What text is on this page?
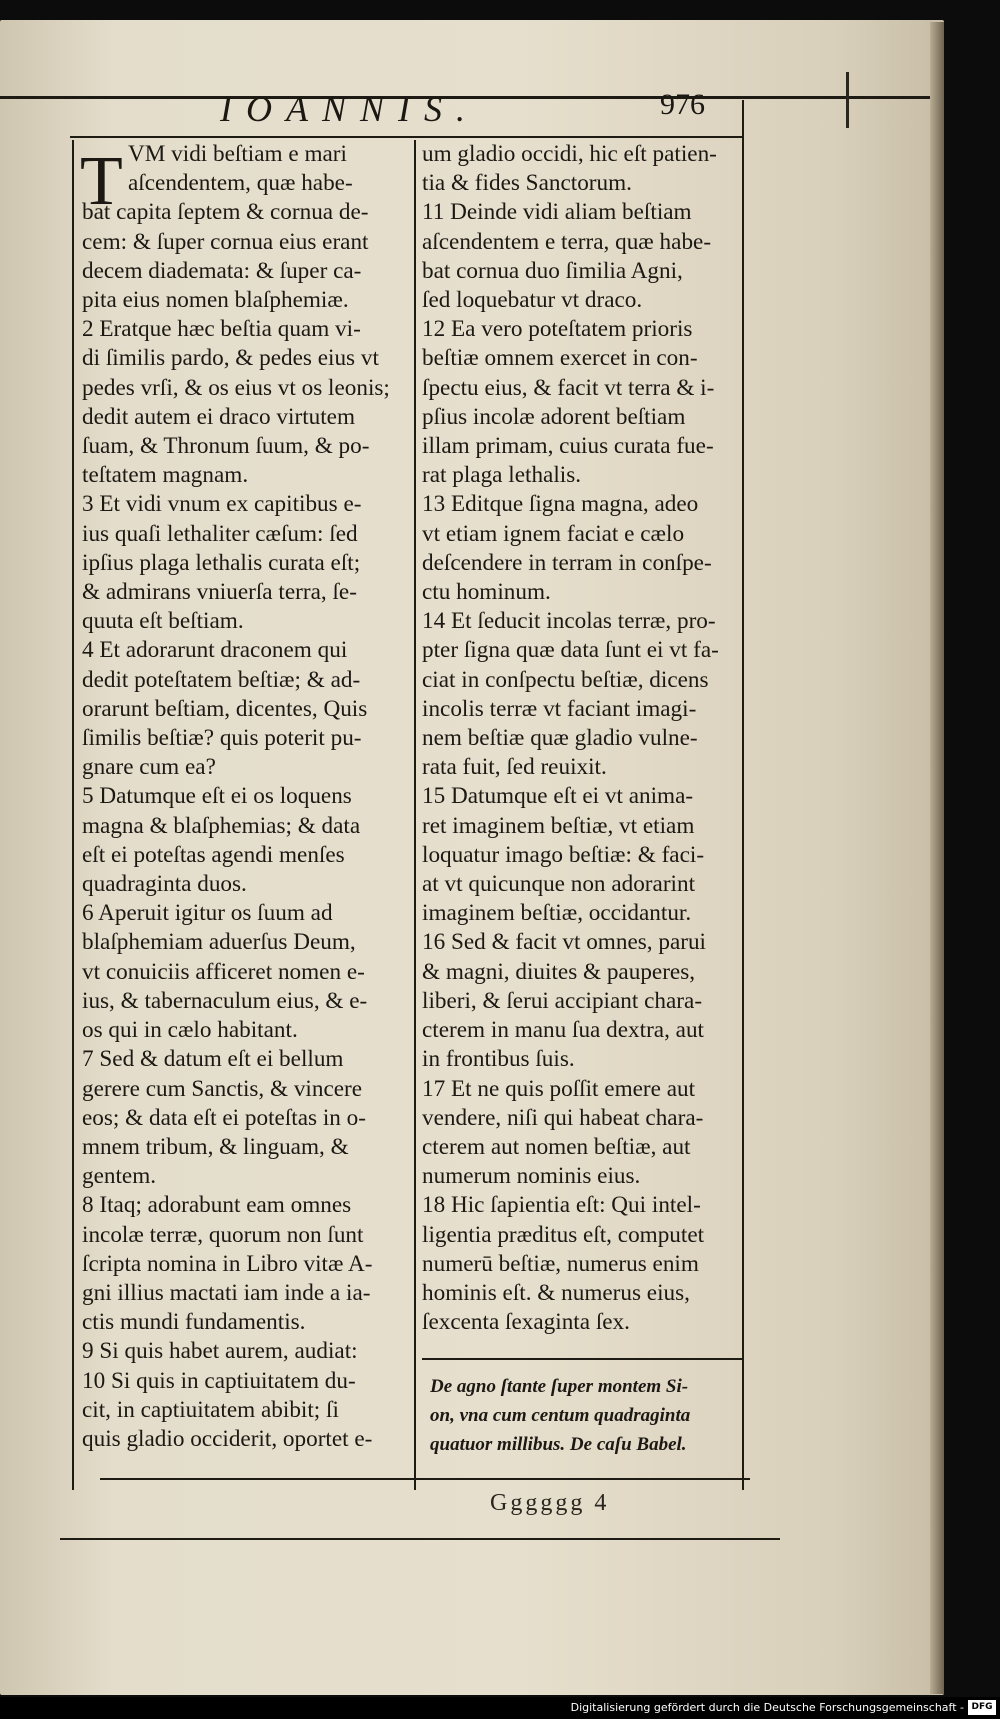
IOANNIS.	976
T VM vidi beſtiam e mari
aſcendentem, quæ habe-
bat capita ſeptem & cornua de-
cem: & ſuper cornua eius erant
decem diademata: & ſuper ca-
pita eius nomen blaſphemiæ.
2 Eratque hæc beſtia quam vi-
di ſimilis pardo, & pedes eius vt
pedes vrſi, & os eius vt os leonis;
dedit autem ei draco virtutem
ſuam, & Thronum ſuum, & po-
teſtatem magnam.
3 Et vidi vnum ex capitibus e-
ius quaſi lethaliter cæſum: ſed
ipſius plaga lethalis curata eſt;
& admirans vniuerſa terra, ſe-
quuta eſt beſtiam.
4 Et adorarunt draconem qui
dedit poteſtatem beſtiæ; & ad-
orarunt beſtiam, dicentes, Quis
ſimilis beſtiæ? quis poterit pu-
gnare cum ea?
5 Datumque eſt ei os loquens
magna & blaſphemias; & data
eſt ei poteſtas agendi menſes
quadraginta duos.
6 Aperuit igitur os ſuum ad
blaſphemiam aduerſus Deum,
vt conuiciis afficeret nomen e-
ius, & tabernaculum eius, & e-
os qui in cælo habitant.
7 Sed & datum eſt ei bellum
gerere cum Sanctis, & vincere
eos; & data eſt ei poteſtas in o-
mnem tribum, & linguam, &
gentem.
8 Itaq; adorabunt eam omnes
incolæ terræ, quorum non ſunt
ſcripta nomina in Libro vitæ A-
gni illius mactati iam inde a ia-
ctis mundi fundamentis.
9 Si quis habet aurem, audiat:
10 Si quis in captiuitatem du-
cit, in captiuitatem abibit; ſi
quis gladio occiderit, oportet e-
um gladio occidi, hic eſt patien-
tia & fides Sanctorum.
11 Deinde vidi aliam beſtiam
aſcendentem e terra, quæ habe-
bat cornua duo ſimilia Agni,
ſed loquebatur vt draco.
12 Ea vero poteſtatem prioris
beſtiæ omnem exercet in con-
ſpectu eius, & facit vt terra & i-
pſius incolæ adorent beſtiam
illam primam, cuius curata fue-
rat plaga lethalis.
13 Editque ſigna magna, adeo
vt etiam ignem faciat e cælo
deſcendere in terram in conſpe-
ctu hominum.
14 Et ſeducit incolas terræ, pro-
pter ſigna quæ data ſunt ei vt fa-
ciat in conſpectu beſtiæ, dicens
incolis terræ vt faciant imagi-
nem beſtiæ quæ gladio vulne-
rata fuit, ſed reuixit.
15 Datumque eſt ei vt anima-
ret imaginem beſtiæ, vt etiam
loquatur imago beſtiæ: & faci-
at vt quicunque non adorarint
imaginem beſtiæ, occidantur.
16 Sed & facit vt omnes, parui
& magni, diuites & pauperes,
liberi, & ſerui accipiant chara-
cterem in manu ſua dextra, aut
in frontibus ſuis.
17 Et ne quis poſſit emere aut
vendere, niſi qui habeat chara-
cterem aut nomen beſtiæ, aut
numerum nominis eius.
18 Hic ſapientia eſt: Qui intel-
ligentia præditus eſt, computet
numerū beſtiæ, numerus enim
hominis eſt. & numerus eius,
ſexcenta ſexaginta ſex.
De agno ſtante ſuper montem Si-
on, vna cum centum quadraginta
quatuor millibus. De caſu Babel.
Gggggg 4
Digitalisierung gefördert durch die Deutsche Forschungsgemeinschaft - DFG
